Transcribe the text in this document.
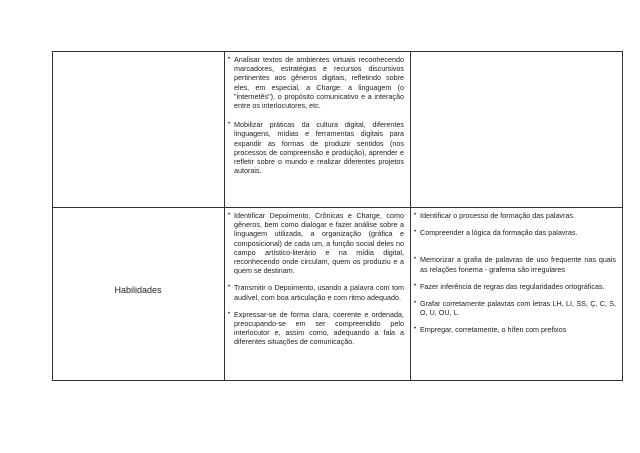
• Analisar textos de ambientes virtuais reconhecendo marcadores, estratégias e recursos discursivos pertinentes aos gêneros digitais, refletindo sobre eles, em especial, a Charge: a linguagem (o "internetês"), o propósito comunicativo e a interação entre os interlocutores, etc.

• Mobilizar práticas da cultura digital, diferentes linguagens, mídias e ferramentas digitais para expandir as formas de produzir sentidos (nos processos de compreensão e produção), aprender e refletir sobre o mundo e realizar diferentes projetos autorais.

Habilidades

• Identificar Depoimento, Crônicas e Charge, como gêneros, bem como dialogar e fazer análise sobre a linguagem utilizada, a organização (gráfica e composicional) de cada um, a função social deles no campo artístico-literário e na mídia digital, reconhecendo onde circulam, quem os produziu e a quem se destinam.

• Transmitir o Depoimento, usando a palavra com tom audível, com boa articulação e com ritmo adequado.

• Expressar-se de forma clara, coerente e ordenada, preocupando-se em ser compreendido pelo interlocutor e, assim como, adequando a fala a diferentes situações de comunicação.

• Identificar o processo de formação das palavras.

• Compreender a lógica da formação das palavras.

• Memorizar a grafia de palavras de uso frequente nas quais as relações fonema - grafema são irregulares

• Fazer inferência de regras das regularidades ortográficas.

• Grafar corretamente palavras com letras LH, LI, SS, Ç, C, S, O, U, OU, L.

• Empregar, corretamente, o hífen com prefixos
